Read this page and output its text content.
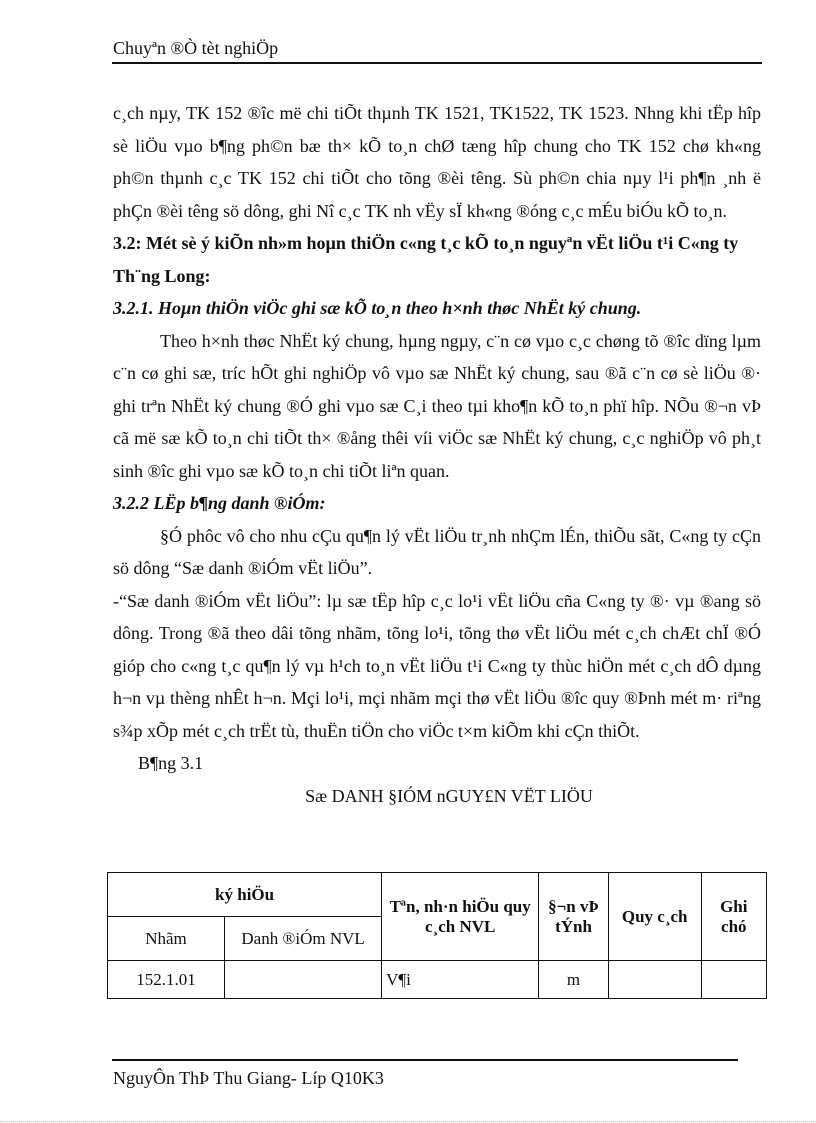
Chuyªn ®Ò tèt nghiÖp

c¸ch nµy, TK 152 ®îc më chi tiÕt thµnh TK 1521, TK1522, TK 1523. Nhng khi tËp hîp sè liÖu vµo b¶ng ph©n bæ th× kÕ to¸n chØ tæng hîp chung cho TK 152 chø kh«ng ph©n thµnh c¸c TK 152 chi tiÕt cho tõng ®èi têng. Sù ph©n chia nµy l¹i ph¶n ¸nh ë phÇn ®èi têng sö dông, ghi Nî c¸c TK nh vËy sÏ kh«ng ®óng c¸c mÉu biÓu kÕ to¸n.

3.2: Mét sè ý kiÕn nh»m hoµn thiÖn c«ng t¸c kÕ to¸n nguyªn vËt liÖu t¹i C«ng ty Th¨ng Long:

3.2.1. Hoµn thiÖn viÖc ghi sæ kÕ to¸n theo h×nh thøc NhËt ký chung.

Theo h×nh thøc NhËt ký chung, hµng ngµy, c¨n cø vµo c¸c chøng tõ ®îc dïng lµm c¨n cø ghi sæ, tríc hÕt ghi nghiÖp vô vµo sæ NhËt ký chung, sau ®ã c¨n cø sè liÖu ®· ghi trªn NhËt ký chung ®Ó ghi vµo sæ C¸i theo tµi kho¶n kÕ to¸n phï hîp. NÕu ®¬n vÞ cã më sæ kÕ to¸n chi tiÕt th× ®ång thêi víi viÖc sæ NhËt ký chung, c¸c nghiÖp vô ph¸t sinh ®îc ghi vµo sæ kÕ to¸n chi tiÕt liªn quan.

3.2.2 LËp b¶ng danh ®iÓm:

§Ó phôc vô cho nhu cÇu qu¶n lý vËt liÖu tr¸nh nhÇm lÉn, thiÕu sãt, C«ng ty cÇn sö dông “Sæ danh ®iÓm vËt liÖu”.

-“Sæ danh ®iÓm vËt liÖu”: lµ sæ tËp hîp c¸c lo¹i vËt liÖu cña C«ng ty ®· vµ ®ang sö dông. Trong ®ã theo dâi tõng nhãm, tõng lo¹i, tõng thø vËt liÖu mét c¸ch chÆt chÏ ®Ó gióp cho c«ng t¸c qu¶n lý vµ h¹ch to¸n vËt liÖu t¹i C«ng ty thùc hiÖn mét c¸ch dÔ dµng h¬n vµ thèng nhÊt h¬n. Mçi lo¹i, mçi nhãm mçi thø vËt liÖu ®îc quy ®Þnh mét m· riªng s¾p xÕp mét c¸ch trËt tù, thuËn tiÖn cho viÖc t×m kiÕm khi cÇn thiÕt.

B¶ng 3.1

Sæ DANH §IÓM nGUY£N VËT LIÖU

ký hiÖu		Tªn, nh·n hiÖu quy c¸ch NVL	§¬n vÞ tÝnh	Quy c¸ch	Ghi chó
Nhãm	Danh ®iÓm NVL				
152.1.01		V¶i	m		
NguyÔn ThÞ Thu Giang- Líp Q10K3
